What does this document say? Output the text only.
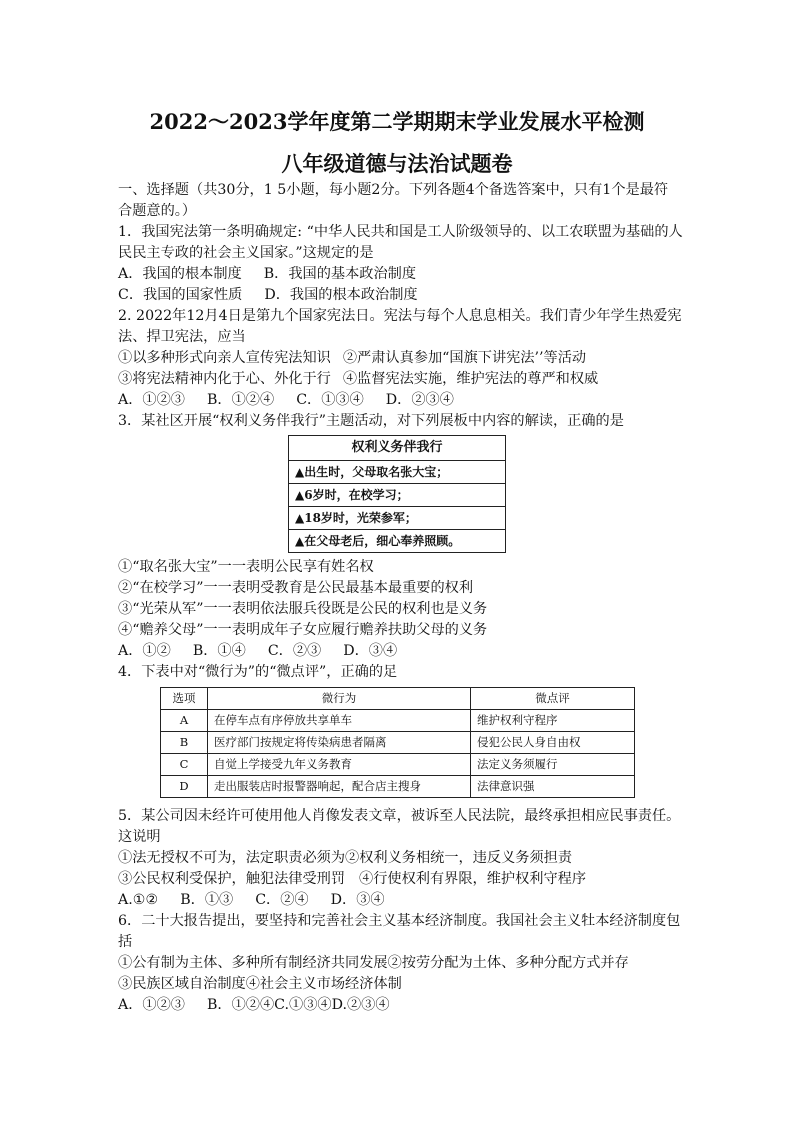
2022～2023学年度第二学期期末学业发展水平检测
八年级道德与法治试题卷

一、选择题（共30分，1 5小题，每小题2分。下列各题4个备选答案中，只有1个是最符

合题意的。）

1．我国宪法第一条明确规定: “中华人民共和国是工人阶级领导的、以工农联盟为基础的人

民民主专政的社会主义国家。”这规定的是

A．我国的根本制度 B．我国的基本政治制度

C．我国的国家性质 D．我国的根本政治制度

2. 2022年12月4日是第九个国家宪法日。宪法与每个人息息相关。我们青少年学生热爱宪

法、捍卫宪法，应当

①以多种形式向亲人宣传宪法知识 ②严肃认真参加“国旗下讲宪法’’等活动

③将宪法精神内化于心、外化于行 ④监督宪法实施，维护宪法的尊严和权威

A．①②③ B．①②④ C．①③④ D．②③④

3．某社区开展“权利义务伴我行”主题活动，对下列展板中内容的解读，正确的是

权利义务伴我行
▲出生时，父母取名张大宝；
▲6岁时，在校学习；
▲18岁时，光荣参军；
▲在父母老后，细心奉养照顾。

①“取名张大宝”一一表明公民享有姓名权

②“在校学习”一一表明受教育是公民最基本最重要的权利

③“光荣从军”一一表明依法服兵役既是公民的权利也是义务

④“赡养父母”一一表明成年子女应履行赡养扶助父母的义务

A．①② B．①④ C．②③ D．③④

4．下表中对“微行为”的“微点评”，正确的足

选项	微行为	微点评
A	在停车点有序停放共享单车	维护权利守程序
B	医疗部门按规定将传染病患者隔离	侵犯公民人身自由权
C	自觉上学接受九年义务教育	法定义务须履行
D	走出服装店时报警器响起，配合店主搜身	法律意识强

5．某公司因未经许可使用他人肖像发表文章，被诉至人民法院，最终承担相应民事责任。

这说明

①法无授权不可为，法定职责必须为②权利义务相统一，违反义务须担责

③公民权利受保护，触犯法律受刑罚 ④行使权利有界限，维护权利守程序

A.①② B．①③ C．②④ D．③④

6．二十大报告提出，要坚持和完善社会主义基本经济制度。我国社会主义牡本经济制度包

括

①公有制为主体、多种所有制经济共同发展②按劳分配为土体、多种分配方式并存

③民族区域自治制度④社会主义市场经济体制

A．①②③ B．①②④C.①③④D.②③④
